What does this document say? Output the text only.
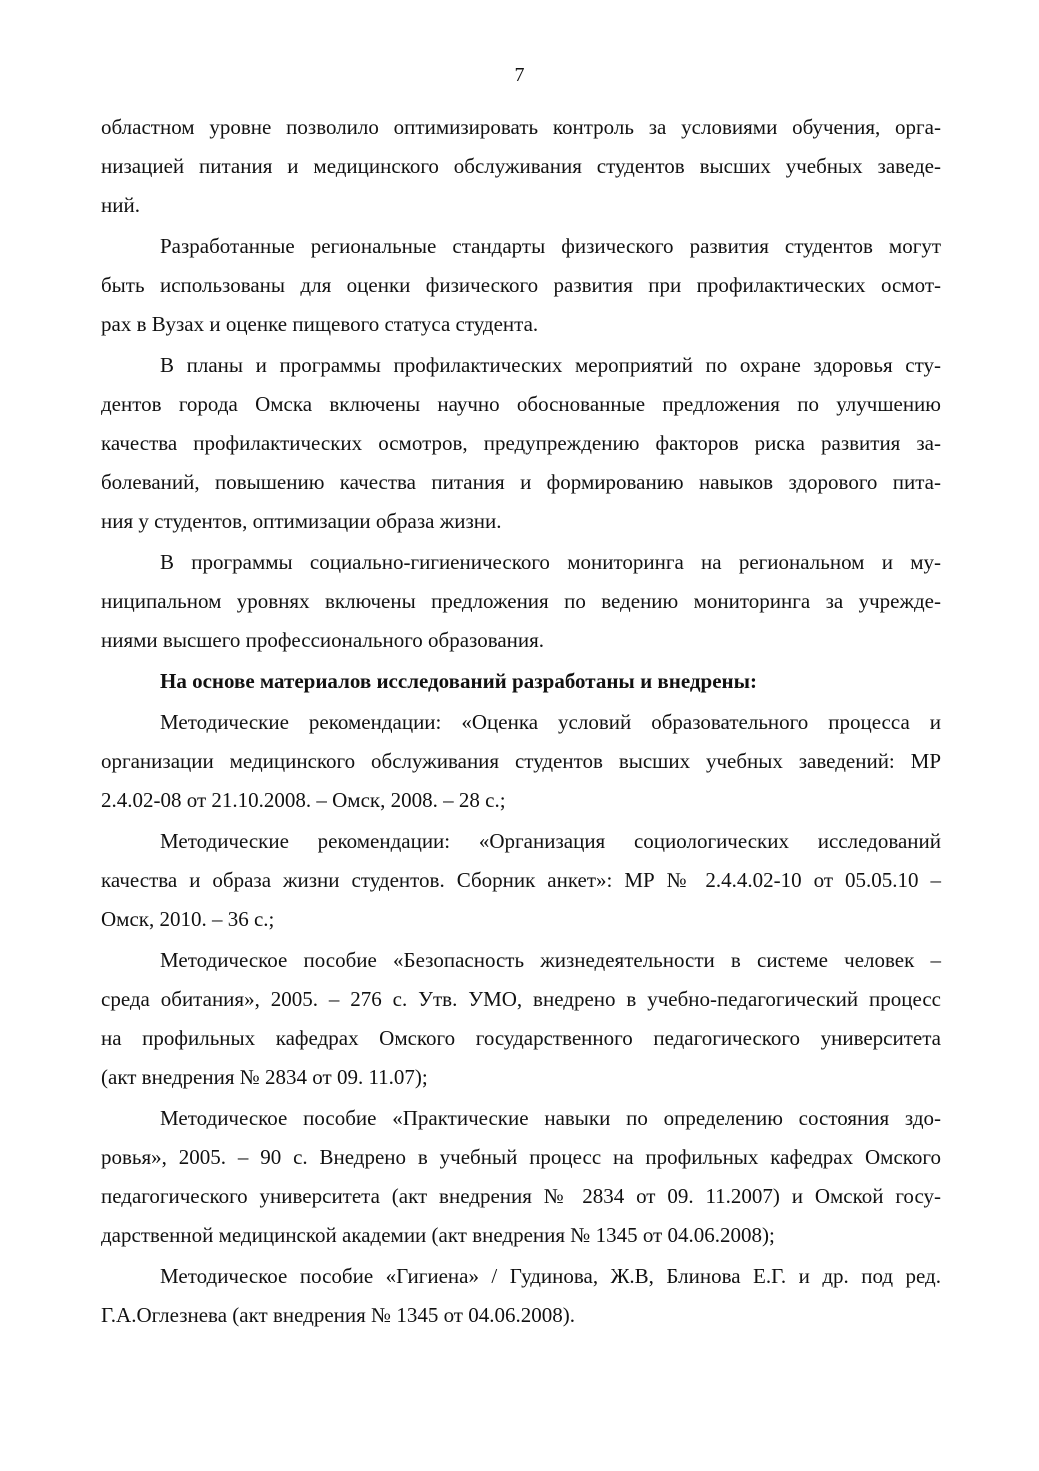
7
областном уровне позволило оптимизировать контроль за условиями обучения, орга-
низацией питания и медицинского обслуживания студентов высших учебных заведе-
ний.
Разработанные региональные стандарты физического развития студентов могут
быть использованы для оценки физического развития при профилактических осмот-
рах в Вузах и оценке пищевого статуса студента.
В планы и программы профилактических мероприятий по охране здоровья сту-
дентов города Омска включены научно обоснованные предложения по улучшению
качества профилактических осмотров, предупреждению факторов риска развития за-
болеваний, повышению качества питания и формированию навыков здорового пита-
ния у студентов, оптимизации образа жизни.
В программы социально-гигиенического мониторинга на региональном и му-
ниципальном уровнях включены предложения по ведению мониторинга за учрежде-
ниями высшего профессионального образования.
На основе материалов исследований разработаны и внедрены:
Методические рекомендации: «Оценка условий образовательного процесса и
организации медицинского обслуживания студентов высших учебных заведений: МР
2.4.02-08 от 21.10.2008. – Омск, 2008. – 28 с.;
Методические рекомендации: «Организация социологических исследований
качества и образа жизни студентов. Сборник анкет»: МР № 2.4.4.02-10 от 05.05.10 –
Омск, 2010. – 36 с.;
Методическое пособие «Безопасность жизнедеятельности в системе человек –
среда обитания», 2005. – 276 с. Утв. УМО, внедрено в учебно-педагогический процесс
на профильных кафедрах Омского государственного педагогического университета
(акт внедрения № 2834 от 09. 11.07);
Методическое пособие «Практические навыки по определению состояния здо-
ровья», 2005. – 90 с. Внедрено в учебный процесс на профильных кафедрах Омского
педагогического университета (акт внедрения № 2834 от 09. 11.2007) и Омской госу-
дарственной медицинской академии (акт внедрения № 1345 от 04.06.2008);
Методическое пособие «Гигиена» / Гудинова, Ж.В, Блинова Е.Г. и др. под ред.
Г.А.Оглезнева (акт внедрения № 1345 от 04.06.2008).
